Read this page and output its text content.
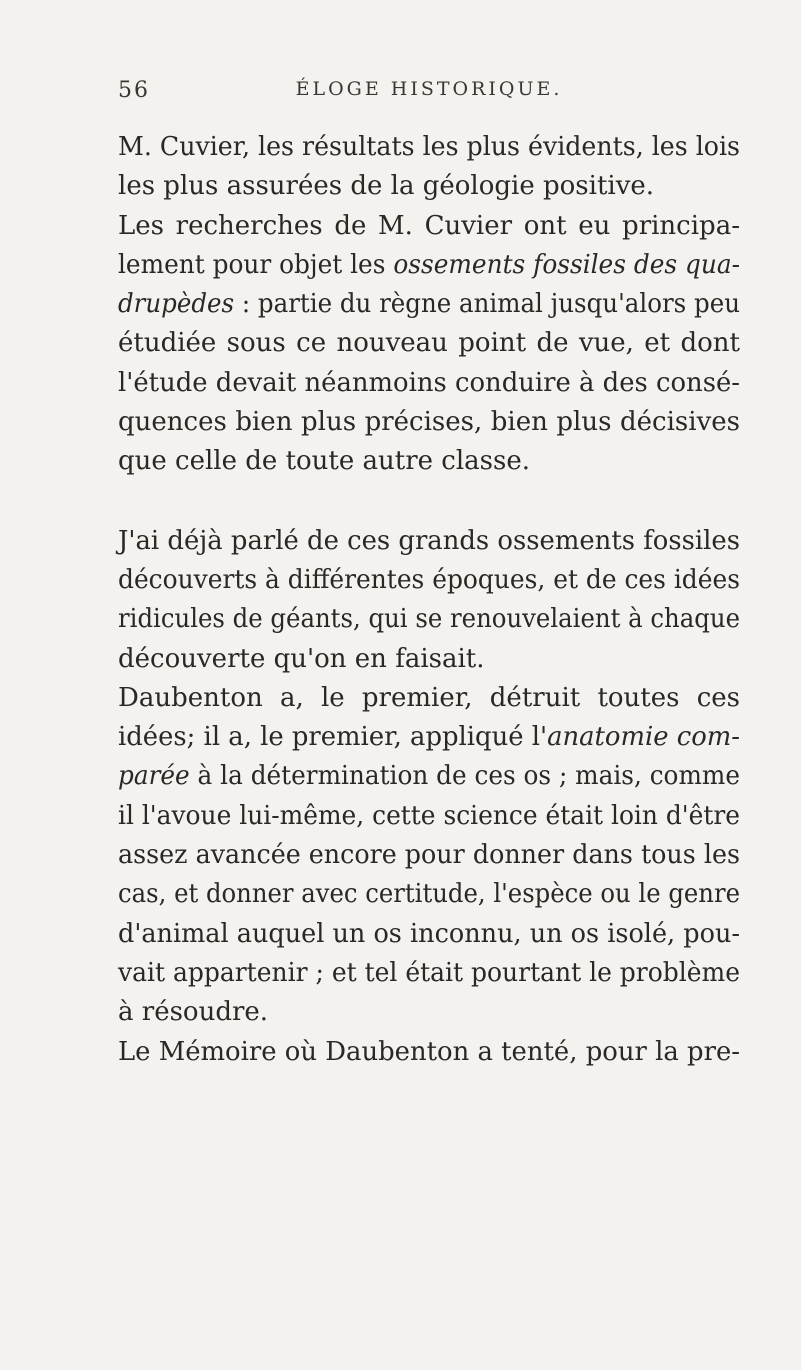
56	ÉLOGE HISTORIQUE.
M. Cuvier, les résultats les plus évidents, les lois
les plus assurées de la géologie positive.
Les recherches de M. Cuvier ont eu principa-
lement pour objet les ossements fossiles des qua-
drupèdes : partie du règne animal jusqu'alors peu
étudiée sous ce nouveau point de vue, et dont
l'étude devait néanmoins conduire à des consé-
quences bien plus précises, bien plus décisives
que celle de toute autre classe.
J'ai déjà parlé de ces grands ossements fossiles
découverts à différentes époques, et de ces idées
ridicules de géants, qui se renouvelaient à chaque
découverte qu'on en faisait.
Daubenton a, le premier, détruit toutes ces
idées; il a, le premier, appliqué l'anatomie com-
parée à la détermination de ces os ; mais, comme
il l'avoue lui-même, cette science était loin d'être
assez avancée encore pour donner dans tous les
cas, et donner avec certitude, l'espèce ou le genre
d'animal auquel un os inconnu, un os isolé, pou-
vait appartenir ; et tel était pourtant le problème
à résoudre.
Le Mémoire où Daubenton a tenté, pour la pre-
